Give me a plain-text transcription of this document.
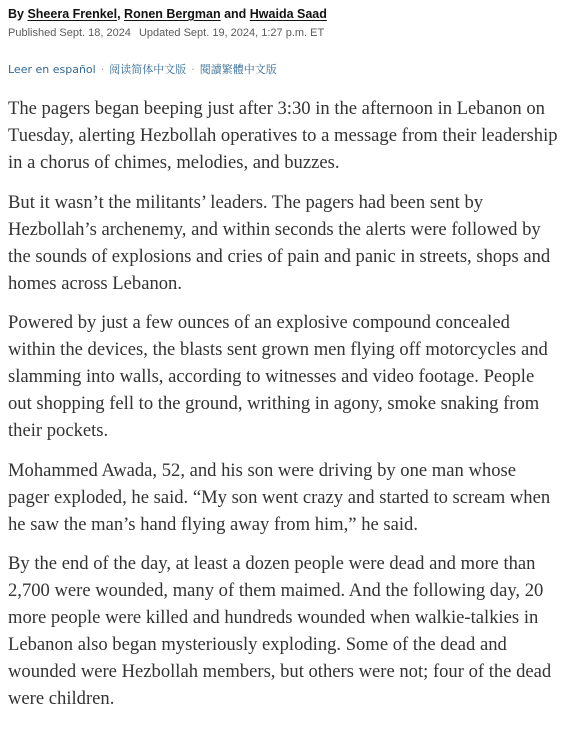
By Sheera Frenkel, Ronen Bergman and Hwaida Saad
Published Sept. 18, 2024 Updated Sept. 19, 2024, 1:27 p.m. ET
Leer en español · 阅读简体中文版 · 閱讀繁體中文版

The pagers began beeping just after 3:30 in the afternoon in Lebanon on Tuesday, alerting Hezbollah operatives to a message from their leadership in a chorus of chimes, melodies, and buzzes.

But it wasn’t the militants’ leaders. The pagers had been sent by Hezbollah’s archenemy, and within seconds the alerts were followed by the sounds of explosions and cries of pain and panic in streets, shops and homes across Lebanon.

Powered by just a few ounces of an explosive compound concealed within the devices, the blasts sent grown men flying off motorcycles and slamming into walls, according to witnesses and video footage. People out shopping fell to the ground, writhing in agony, smoke snaking from their pockets.

Mohammed Awada, 52, and his son were driving by one man whose pager exploded, he said. “My son went crazy and started to scream when he saw the man’s hand flying away from him,” he said.

By the end of the day, at least a dozen people were dead and more than 2,700 were wounded, many of them maimed. And the following day, 20 more people were killed and hundreds wounded when walkie-talkies in Lebanon also began mysteriously exploding. Some of the dead and wounded were Hezbollah members, but others were not; four of the dead were children.
